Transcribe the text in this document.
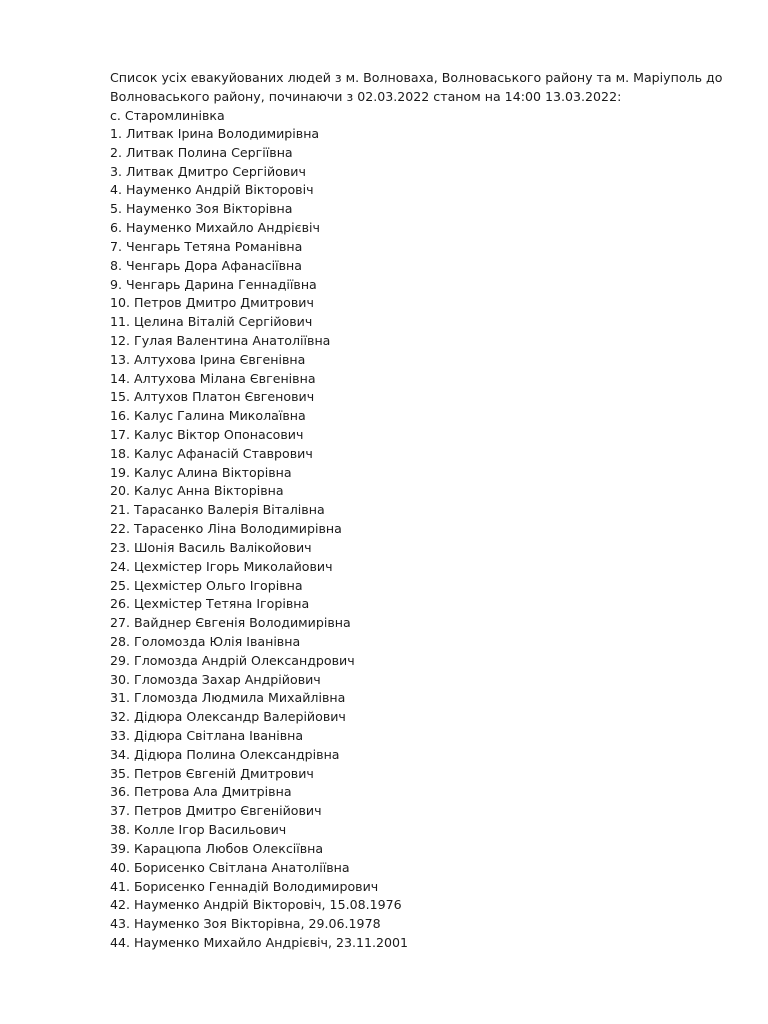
Список усіх евакуйованих людей з м. Волноваха, Волноваського району та м. Маріуполь до
Волноваського району, починаючи з 02.03.2022 станом на 14:00 13.03.2022:

с. Старомлинівка
1. Литвак Ірина Володимирівна
2. Литвак Полина Сергіївна
3. Литвак Дмитро Сергійович
4. Науменко Андрій Вікторовіч
5. Науменко Зоя Вікторівна
6. Науменко Михайло Андрієвіч
7. Ченгарь Тетяна Романівна
8. Ченгарь Дора Афанасіївна
9. Ченгарь Дарина Геннадіївна
10. Петров Дмитро Дмитрович
11. Целина Віталій Сергійович
12. Гулая Валентина Анатоліївна
13. Алтухова Ірина Євгенівна
14. Алтухова Мілана Євгенівна
15. Алтухов Платон Євгенович
16. Калус Галина Миколаївна
17. Калус Віктор Опонасович
18. Калус Афанасій Ставрович
19. Калус Алина Вікторівна
20. Калус Анна Вікторівна
21. Тарасанко Валерія Віталівна
22. Тарасенко Ліна Володимирівна
23. Шонія Василь Валікойович
24. Цехмістер Ігорь Миколайович
25. Цехмістер Ольго Ігорівна
26. Цехмістер Тетяна Ігорівна
27. Вайднер Євгенія Володимирівна
28. Голомозда Юлія Іванівна
29. Гломозда Андрій Олександрович
30. Гломозда Захар Андрійович
31. Гломозда Людмила Михайлівна
32. Дідюра Олександр Валерійович
33. Дідюра Світлана Іванівна
34. Дідюра Полина Олександрівна
35. Петров Євгеній Дмитрович
36. Петрова Ала Дмитрівна
37. Петров Дмитро Євгенійович
38. Колле Ігор Васильович
39. Карацюпа Любов Олексіївна
40. Борисенко Світлана Анатоліївна
41. Борисенко Геннадій Володимирович
42. Науменко Андрій Вікторовіч, 15.08.1976
43. Науменко Зоя Вікторівна, 29.06.1978
44. Науменко Михайло Андрієвіч, 23.11.2001
